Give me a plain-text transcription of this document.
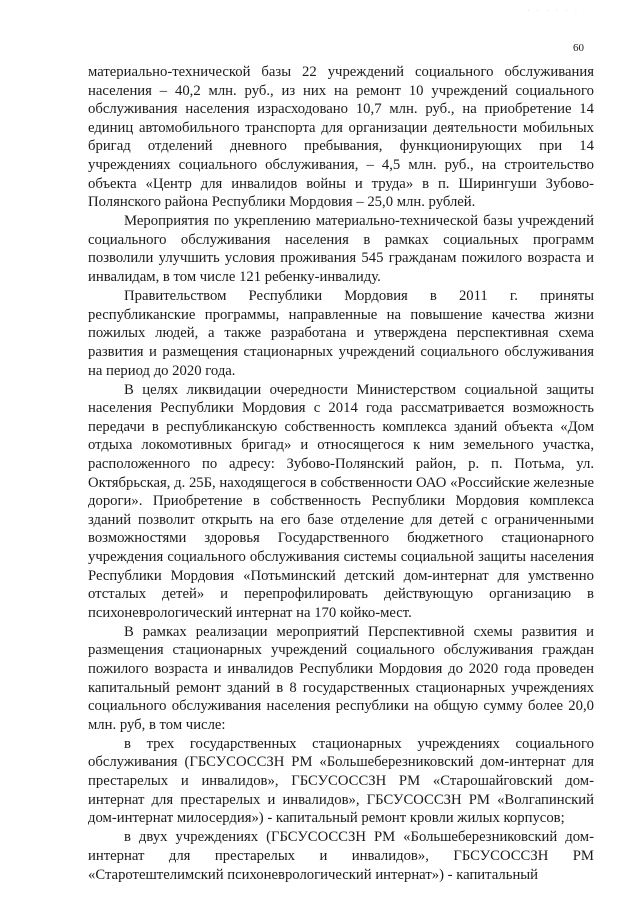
· · · · · ·
60

материально-технической базы 22 учреждений социального обслуживания населения – 40,2 млн. руб., из них на ремонт 10 учреждений социального обслуживания населения израсходовано 10,7 млн. руб., на приобретение 14 единиц автомобильного транспорта для организации деятельности мобильных бригад отделений дневного пребывания, функционирующих при 14 учреждениях социального обслуживания, – 4,5 млн. руб., на строительство объекта «Центр для инвалидов войны и труда» в п. Ширингуши Зубово-Полянского района Республики Мордовия – 25,0 млн. рублей.

Мероприятия по укреплению материально-технической базы учреждений социального обслуживания населения в рамках социальных программ позволили улучшить условия проживания 545 гражданам пожилого возраста и инвалидам, в том числе 121 ребенку-инвалиду.

Правительством Республики Мордовия в 2011 г. приняты республиканские программы, направленные на повышение качества жизни пожилых людей, а также разработана и утверждена перспективная схема развития и размещения стационарных учреждений социального обслуживания на период до 2020 года.

В целях ликвидации очередности Министерством социальной защиты населения Республики Мордовия с 2014 года рассматривается возможность передачи в республиканскую собственность комплекса зданий объекта «Дом отдыха локомотивных бригад» и относящегося к ним земельного участка, расположенного по адресу: Зубово-Полянский район, р. п. Потьма, ул. Октябрьская, д. 25Б, находящегося в собственности ОАО «Российские железные дороги». Приобретение в собственность Республики Мордовия комплекса зданий позволит открыть на его базе отделение для детей с ограниченными возможностями здоровья Государственного бюджетного стационарного учреждения социального обслуживания системы социальной защиты населения Республики Мордовия «Потьминский детский дом-интернат для умственно отсталых детей» и перепрофилировать действующую организацию в психоневрологический интернат на 170 койко-мест.

В рамках реализации мероприятий Перспективной схемы развития и размещения стационарных учреждений социального обслуживания граждан пожилого возраста и инвалидов Республики Мордовия до 2020 года проведен капитальный ремонт зданий в 8 государственных стационарных учреждениях социального обслуживания населения республики на общую сумму более 20,0 млн. руб, в том числе:

в трех государственных стационарных учреждениях социального обслуживания (ГБСУСОССЗН РМ «Большеберезниковский дом-интернат для престарелых и инвалидов», ГБСУСОССЗН РМ «Старошайговский дом-интернат для престарелых и инвалидов», ГБСУСОССЗН РМ «Волгапинский дом-интернат милосердия») - капитальный ремонт кровли жилых корпусов;

в двух учреждениях (ГБСУСОССЗН РМ «Большеберезниковский дом-интернат для престарелых и инвалидов», ГБСУСОССЗН РМ «Старотештелимский психоневрологический интернат») - капитальный
